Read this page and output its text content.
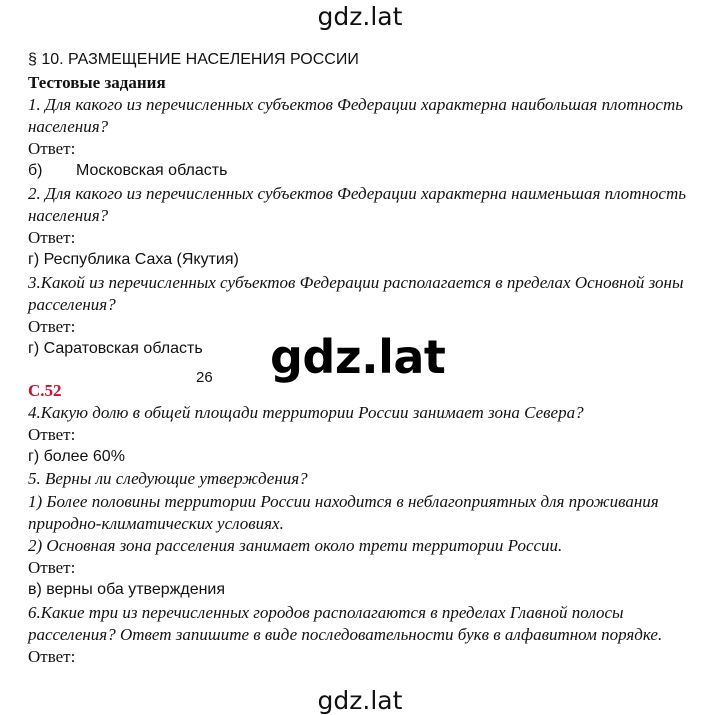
gdz.lat
§ 10. РАЗМЕЩЕНИЕ НАСЕЛЕНИЯ РОССИИ
Тестовые задания
1. Для какого из перечисленных субъектов Федерации характерна наибольшая плотность
населения?
Ответ:
б) Московская область
2. Для какого из перечисленных субъектов Федерации характерна наименьшая плотность
населения?
Ответ:
г) Республика Саха (Якутия)
3.Какой из перечисленных субъектов Федерации располагается в пределах Основной зоны
расселения?
Ответ:
г) Саратовская область gdz.lat
26
С.52
4.Какую долю в общей площади территории России занимает зона Севера?
Ответ:
г) более 60%
5. Верны ли следующие утверждения?
1) Более половины территории России находится в неблагоприятных для проживания
природно-климатических условиях.
2) Основная зона расселения занимает около трети территории России.
Ответ:
в) верны оба утверждения
6.Какие три из перечисленных городов располагаются в пределах Главной полосы
расселения? Ответ запишите в виде последовательности букв в алфавитном порядке.
Ответ:
gdz.lat
